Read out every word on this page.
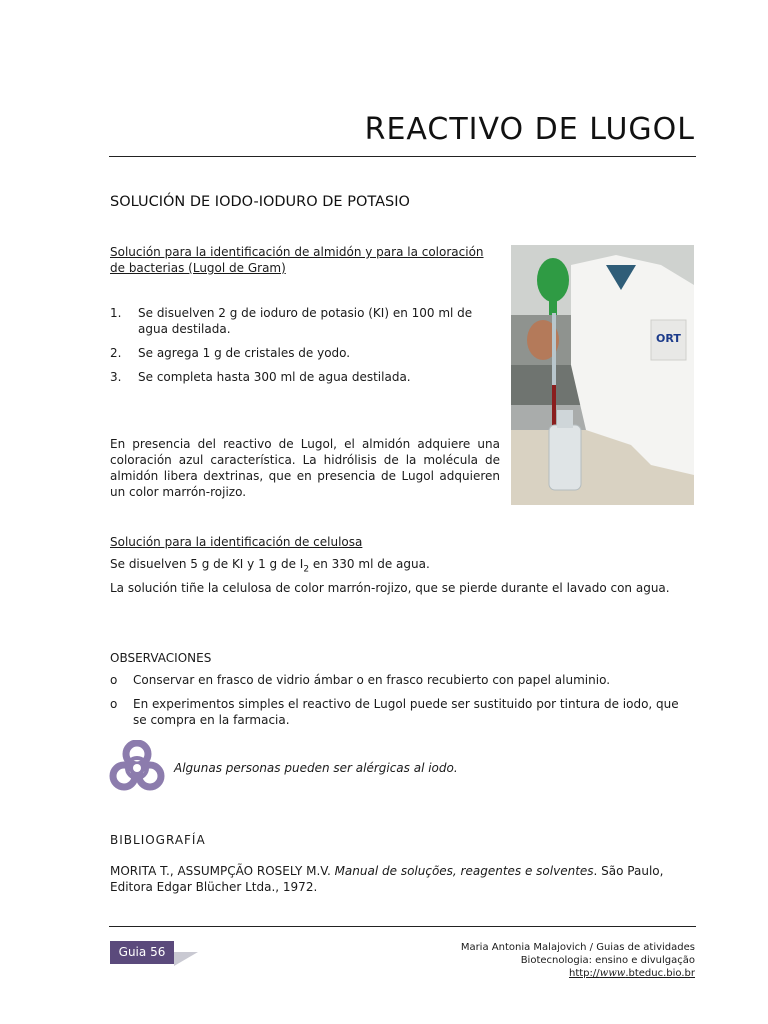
REACTIVO DE LUGOL
SOLUCIÓN DE IODO-IODURO DE POTASIO
Solución para la identificación de almidón y para la coloración
de bacterias (Lugol de Gram)
1.	Se disuelven 2 g de ioduro de potasio (KI) en 100 ml de agua destilada.
2.	Se agrega 1 g de cristales de yodo.
3.	Se completa hasta 300 ml de agua destilada.
En presencia del reactivo de Lugol, el almidón adquiere una coloración azul característica. La hidrólisis de la molécula de almidón libera dextrinas, que en presencia de Lugol adquieren un color marrón-rojizo.
ORT
Solución para la identificación de celulosa
Se disuelven 5 g de KI y 1 g de $I_2$ en 330 ml de agua.
La solución tiñe la celulosa de color marrón-rojizo, que se pierde durante el lavado con agua.
OBSERVACIONES
o	Conservar en frasco de vidrio ámbar o en frasco recubierto con papel aluminio.
o	En experimentos simples el reactivo de Lugol puede ser sustituido por tintura de iodo, que se compra en la farmacia.
Algunas personas pueden ser alérgicas al iodo.
BIBLIOGRAFÍA
MORITA T., ASSUMPÇÃO ROSELY M.V. Manual de soluções, reagentes e solventes. São Paulo,
Editora Edgar Blücher Ltda., 1972.
Guia 56	Maria Antonia Malajovich / Guias de atividades
Biotecnologia: ensino e divulgação
http://www.bteduc.bio.br
